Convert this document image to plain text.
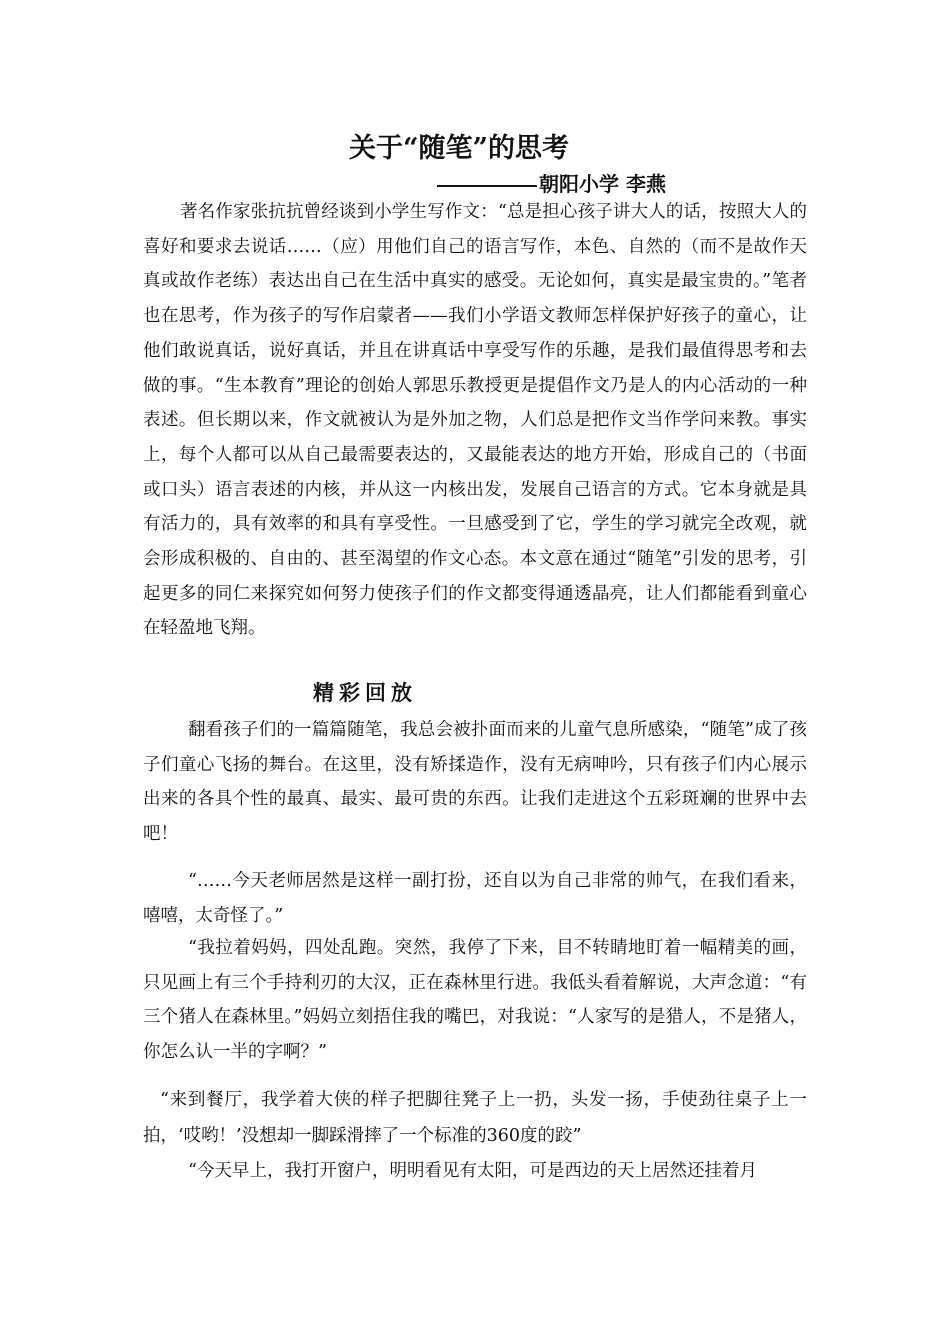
关于“随笔”的思考
朝阳小学 李燕

著名作家张抗抗曾经谈到小学生写作文：“总是担心孩子讲大人的话，按照大人的喜好和要求去说话……（应）用他们自己的语言写作，本色、自然的（而不是故作天真或故作老练）表达出自己在生活中真实的感受。无论如何，真实是最宝贵的。”笔者也在思考，作为孩子的写作启蒙者——我们小学语文教师怎样保护好孩子的童心，让他们敢说真话，说好真话，并且在讲真话中享受写作的乐趣，是我们最值得思考和去做的事。“生本教育”理论的创始人郭思乐教授更是提倡作文乃是人的内心活动的一种表述。但长期以来，作文就被认为是外加之物，人们总是把作文当作学问来教。事实上，每个人都可以从自己最需要表达的，又最能表达的地方开始，形成自己的（书面或口头）语言表述的内核，并从这一内核出发，发展自己语言的方式。它本身就是具有活力的，具有效率的和具有享受性。一旦感受到了它，学生的学习就完全改观，就会形成积极的、自由的、甚至渴望的作文心态。本文意在通过“随笔”引发的思考，引起更多的同仁来探究如何努力使孩子们的作文都变得通透晶亮，让人们都能看到童心在轻盈地飞翔。

精彩回放

翻看孩子们的一篇篇随笔，我总会被扑面而来的儿童气息所感染，“随笔”成了孩子们童心飞扬的舞台。在这里，没有矫揉造作，没有无病呻吟，只有孩子们内心展示出来的各具个性的最真、最实、最可贵的东西。让我们走进这个五彩斑斓的世界中去吧！

“……今天老师居然是这样一副打扮，还自以为自己非常的帅气，在我们看来，嘻嘻，太奇怪了。”

“我拉着妈妈，四处乱跑。突然，我停了下来，目不转睛地盯着一幅精美的画，只见画上有三个手持利刃的大汉，正在森林里行进。我低头看着解说，大声念道：“有三个猪人在森林里。”妈妈立刻捂住我的嘴巴，对我说：“人家写的是猎人，不是猪人，你怎么认一半的字啊？”

“来到餐厅，我学着大侠的样子把脚往凳子上一扔，头发一扬，手使劲往桌子上一拍，‘哎哟！’没想却一脚踩滑摔了一个标准的360度的跤”

“今天早上，我打开窗户，明明看见有太阳，可是西边的天上居然还挂着月
